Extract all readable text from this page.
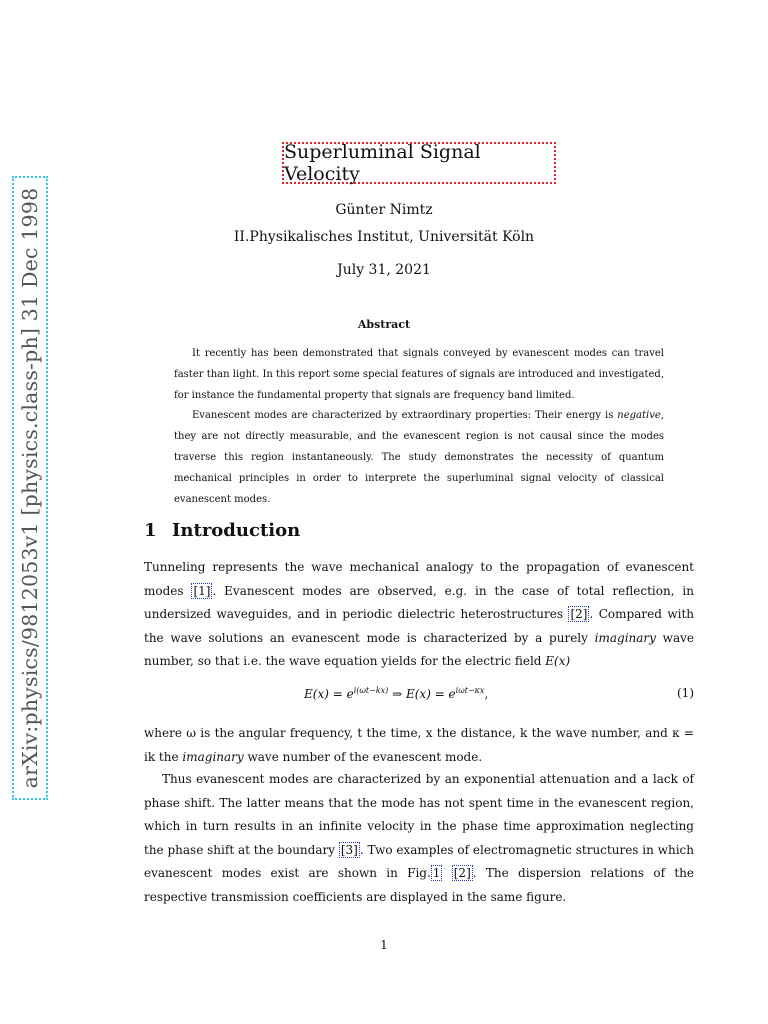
arXiv:physics/9812053v1 [physics.class-ph] 31 Dec 1998
Superluminal Signal Velocity
Günter Nimtz
II.Physikalisches Institut, Universität Köln
July 31, 2021
Abstract

It recently has been demonstrated that signals conveyed by evanescent modes can travel faster than light. In this report some special features of signals are introduced and investigated, for instance the fundamental property that signals are frequency band limited.

Evanescent modes are characterized by extraordinary properties: Their energy is negative, they are not directly measurable, and the evanescent region is not causal since the modes traverse this region instantaneously. The study demonstrates the necessity of quantum mechanical principles in order to interprete the superluminal signal velocity of classical evanescent modes.

1 Introduction

Tunneling represents the wave mechanical analogy to the propagation of evanescent modes [1] . Evanescent modes are observed, e.g. in the case of total reflection, in undersized waveguides, and in periodic dielectric heterostructures [2] . Compared with the wave solutions an evanescent mode is characterized by a purely imaginary wave number, so that i.e. the wave equation yields for the electric field E(x)

$E(x) = e^{i(\omega t-kx)}$ ⇒ $E(x) = e^{i\omega t-\kappa x}$,	(1)

where ω is the angular frequency, t the time, x the distance, k the wave number, and κ = ik the imaginary wave number of the evanescent mode.

Thus evanescent modes are characterized by an exponential attenuation and a lack of phase shift. The latter means that the mode has not spent time in the evanescent region, which in turn results in an infinite velocity in the phase time approximation neglecting the phase shift at the boundary [3] . Two examples of electromagnetic structures in which evanescent modes exist are shown in Fig. 1 [2] . The dispersion relations of the respective transmission coefficients are displayed in the same figure.

1
